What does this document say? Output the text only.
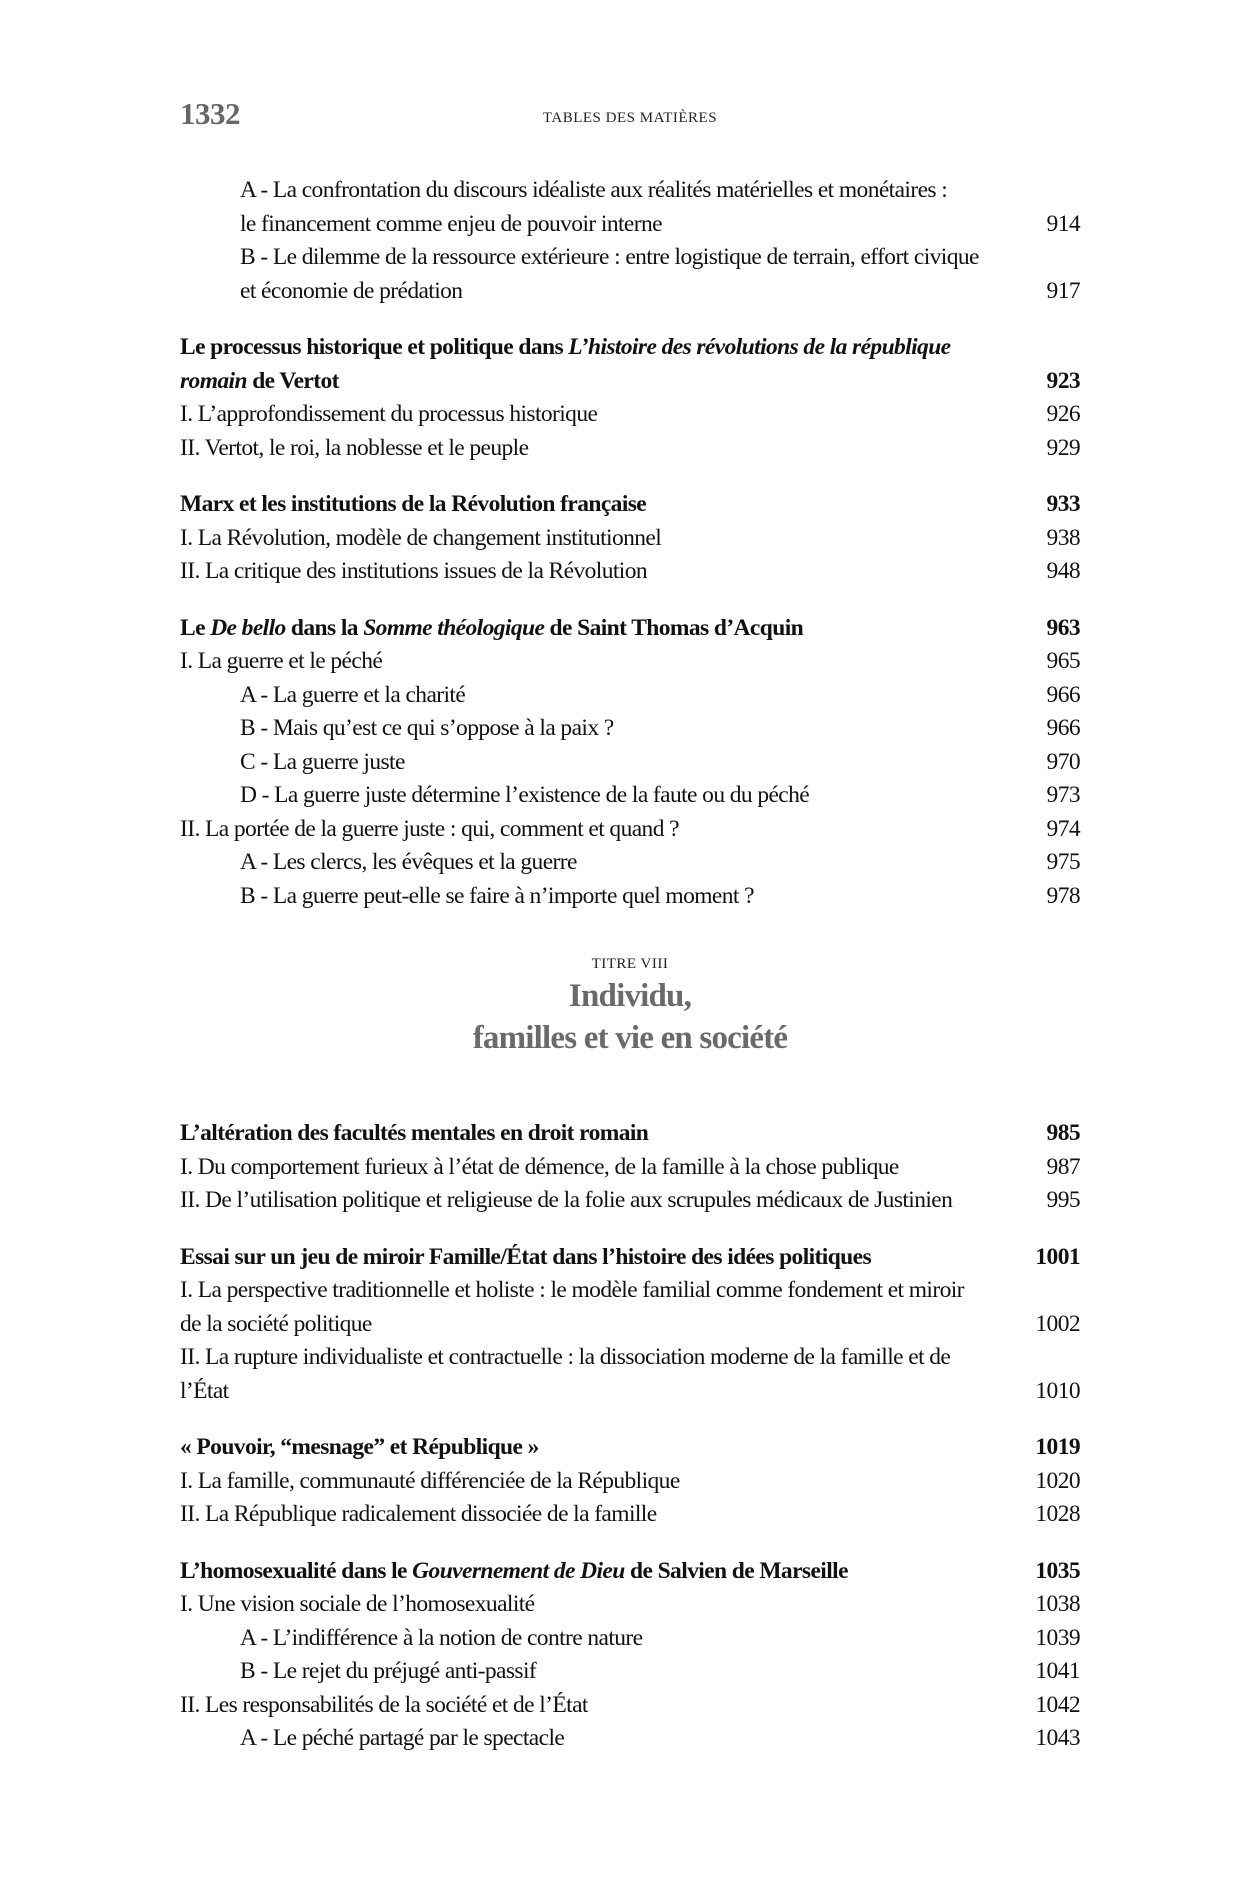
1332	TABLES DES MATIÈRES
A - La confrontation du discours idéaliste aux réalités matérielles et monétaires :
le financement comme enjeu de pouvoir interne	914
B - Le dilemme de la ressource extérieure : entre logistique de terrain, effort civique
et économie de prédation	917
Le processus historique et politique dans L’histoire des révolutions de la république
romain de Vertot	923
I. L’approfondissement du processus historique	926
II. Vertot, le roi, la noblesse et le peuple	929
Marx et les institutions de la Révolution française	933
I. La Révolution, modèle de changement institutionnel	938
II. La critique des institutions issues de la Révolution	948
Le De bello dans la Somme théologique de Saint Thomas d’Acquin	963
I. La guerre et le péché	965
A - La guerre et la charité	966
B - Mais qu’est ce qui s’oppose à la paix ?	966
C - La guerre juste	970
D - La guerre juste détermine l’existence de la faute ou du péché	973
II. La portée de la guerre juste : qui, comment et quand ?	974
A - Les clercs, les évêques et la guerre	975
B - La guerre peut-elle se faire à n’importe quel moment ?	978
TITRE VIII
Individu,
familles et vie en société
L’altération des facultés mentales en droit romain	985
I. Du comportement furieux à l’état de démence, de la famille à la chose publique	987
II. De l’utilisation politique et religieuse de la folie aux scrupules médicaux de Justinien	995
Essai sur un jeu de miroir Famille/État dans l’histoire des idées politiques	1001
I. La perspective traditionnelle et holiste : le modèle familial comme fondement et miroir
de la société politique	1002
II. La rupture individualiste et contractuelle : la dissociation moderne de la famille et de l’État	1010
« Pouvoir, “mesnage” et République »	1019
I. La famille, communauté différenciée de la République	1020
II. La République radicalement dissociée de la famille	1028
L’homosexualité dans le Gouvernement de Dieu de Salvien de Marseille	1035
I. Une vision sociale de l’homosexualité	1038
A - L’indifférence à la notion de contre nature	1039
B - Le rejet du préjugé anti-passif	1041
II. Les responsabilités de la société et de l’État	1042
A - Le péché partagé par le spectacle	1043
